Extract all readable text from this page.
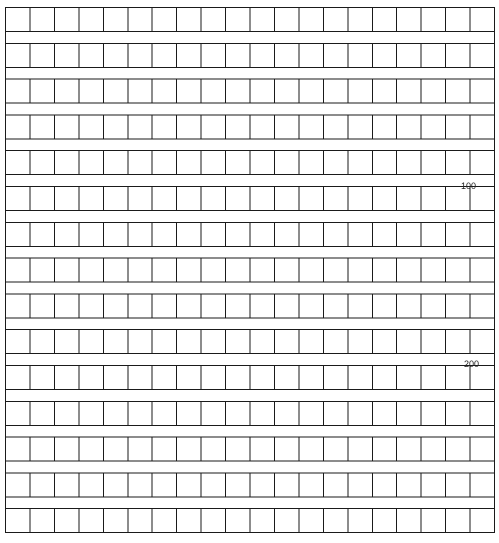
100
200
